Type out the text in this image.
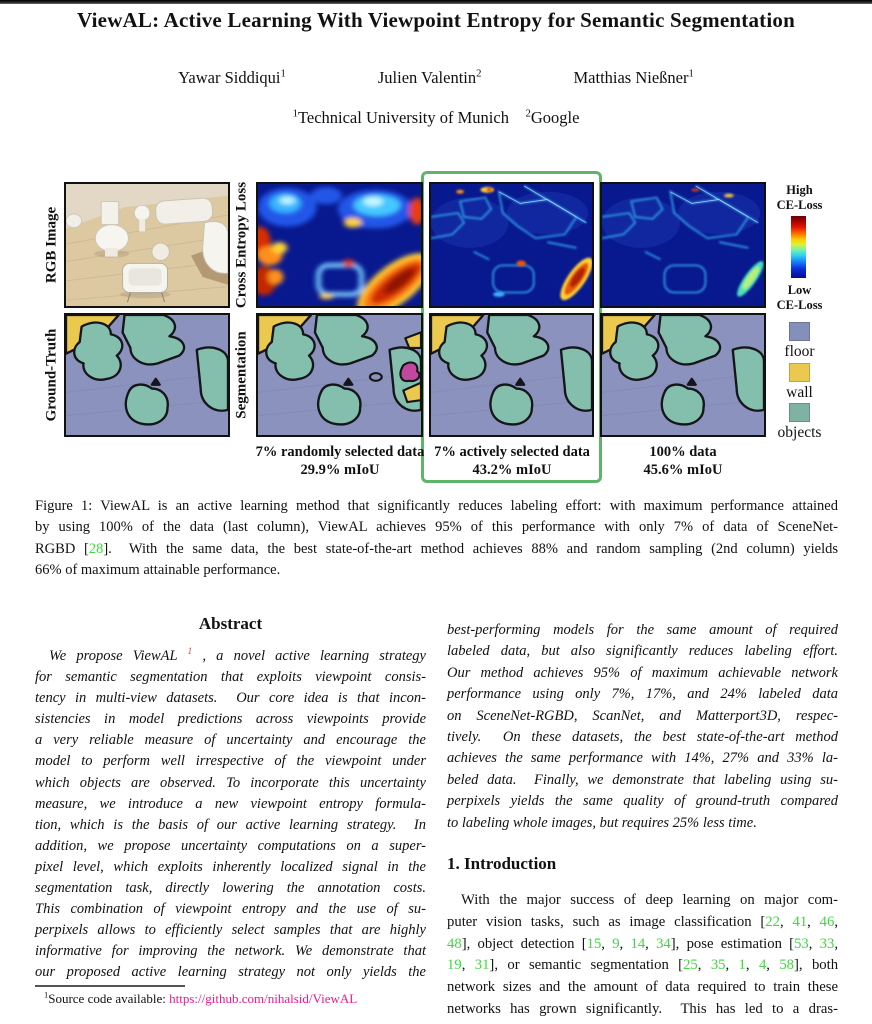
ViewAL: Active Learning With Viewpoint Entropy for Semantic Segmentation
Yawar Siddiqui$^1$	Julien Valentin$^2$	Matthias Nießner$^1$
$^1$Technical University of Munich    $^2$Google
RGB Image	Cross Entropy Loss
Ground-Truth	Segmentation
7% randomly selected data
29.9% mIoU
7% actively selected data
43.2% mIoU
100% data
45.6% mIoU
High
CE-Loss
Low
CE-Loss
floor
wall
objects
Figure 1: ViewAL is an active learning method that significantly reduces labeling effort: with maximum performance attained
by using 100% of the data (last column), ViewAL achieves 95% of this performance with only 7% of data of SceneNet-
RGBD [28].  With the same data, the best state-of-the-art method achieves 88% and random sampling (2nd column) yields
66% of maximum attainable performance.
Abstract
We propose ViewAL $^1$ , a novel active learning strategy
for semantic segmentation that exploits viewpoint consis-
tency in multi-view datasets.  Our core idea is that incon-
sistencies in model predictions across viewpoints provide
a very reliable measure of uncertainty and encourage the
model to perform well irrespective of the viewpoint under
which objects are observed. To incorporate this uncertainty
measure, we introduce a new viewpoint entropy formula-
tion, which is the basis of our active learning strategy.  In
addition, we propose uncertainty computations on a super-
pixel level, which exploits inherently localized signal in the
segmentation task, directly lowering the annotation costs.
This combination of viewpoint entropy and the use of su-
perpixels allows to efficiently select samples that are highly
informative for improving the network. We demonstrate that
our proposed active learning strategy not only yields the
best-performing models for the same amount of required
labeled data, but also significantly reduces labeling effort.
Our method achieves 95% of maximum achievable network
performance using only 7%, 17%, and 24% labeled data
on SceneNet-RGBD, ScanNet, and Matterport3D, respec-
tively.  On these datasets, the best state-of-the-art method
achieves the same performance with 14%, 27% and 33% la-
beled data.  Finally, we demonstrate that labeling using su-
perpixels yields the same quality of ground-truth compared
to labeling whole images, but requires 25% less time.
1. Introduction
With the major success of deep learning on major com-
puter vision tasks, such as image classification [22, 41, 46,
48], object detection [15, 9, 14, 34], pose estimation [53, 33,
19, 31], or semantic segmentation [25, 35, 1, 4, 58], both
network sizes and the amount of data required to train these
networks has grown significantly.  This has led to a dras-
$^1$Source code available: https://github.com/nihalsid/ViewAL
